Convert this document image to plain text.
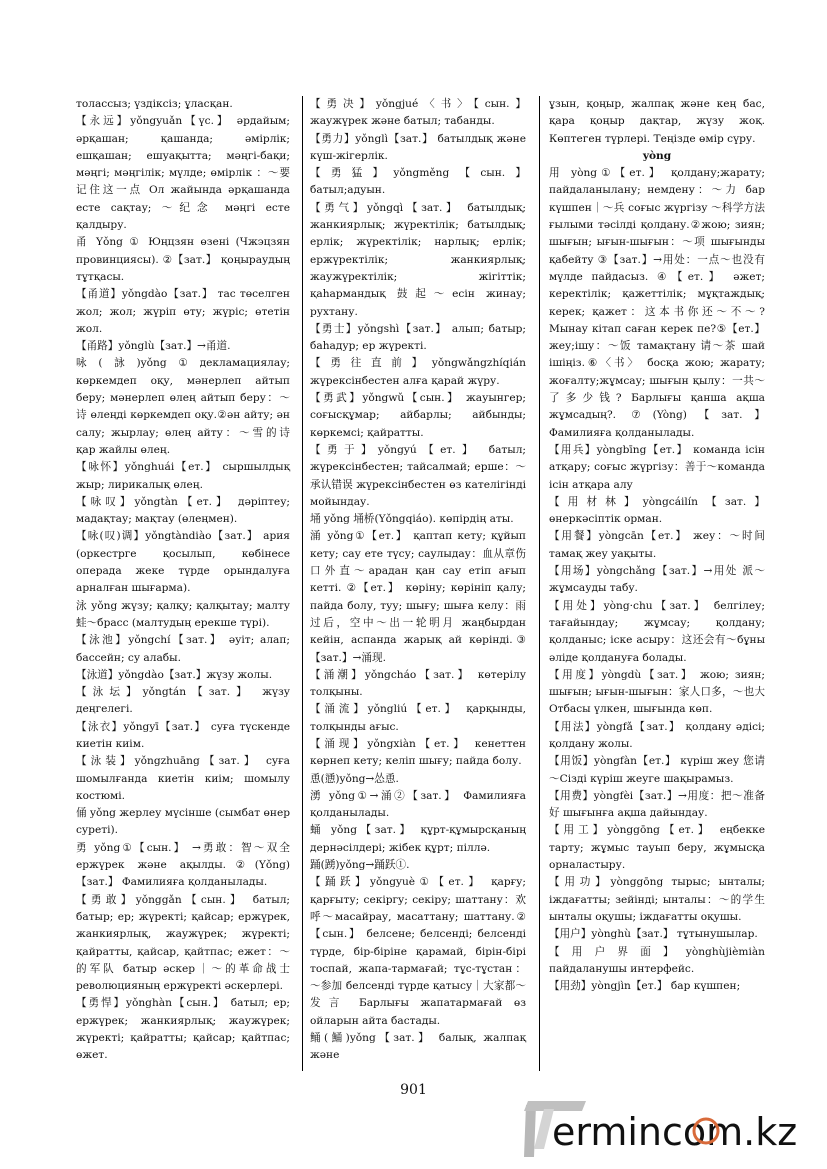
толассыз; үздіксіз; ұласқан.

【永远】yǒngyuǎn【үс.】 әрдайым; әрқашан; қашанда; әмірлік; ешқашан; ешуақытта; мәңгі-бақи; мәңгі; мәңгілік; мүлде; өмірлік ：～要记住这一点 Ол жайында әрқашанда есте сақтау; ～纪念 мәңгі есте қалдыру.

甬 Yǒng ① Юңцзян өзені (Чжэцзян провинциясы). ②【зат.】 қоңыраудың тұтқасы.

【甬道】yǒngdào【зат.】 тас төселген жол; жол; жүріп өту; жүріс; өтетін жол.

【甬路】yǒnglù【зат.】→甬道.

咏(詠)yǒng①декламациялау; көркемдеп оқу, мәнерлеп айтып беру; мәнерлеп өлең айтып беру：～诗 өлеңді көркемдеп оқу.②ән айту; ән салу; жырлау; өлең айту：～雪的诗 қар жайлы өлең.

【咏怀】yǒnghuái【ет.】 сыршылдық жыр; лирикалық өлең.

【咏叹】yǒngtàn【ет.】 дәріптеу; мадақтау; мақтау (өлеңмен).

【咏(叹)调】yǒngtàndiào【зат.】 ария (оркестрге қосылып, көбінесе операда жеке түрде орындалуға арналған шығарма).

泳 yǒng жүзу; қалқу; қалқытау; малту 蛙～брасс (малтудың ерекше түрі).

【泳池】yǒngchí【зат.】 әуіт; алап; бассейн; су алабы.

【泳道】yǒngdào【зат.】жүзу жолы.

【泳坛】yǒngtán【зат.】 жүзу деңгелегі.

【泳衣】yǒngyī【зат.】 суға түскенде киетін киім.

【泳装】yǒngzhuāng【зат.】 суға шомылғанда киетін киім; шомылу костюмі.

俑 yǒng жерлеу мүсінше (сымбат өнер суреті).

勇 yǒng①【сын.】 →勇敢：智～双全 ержүрек және ақылды.②(Yǒng)【зат.】 Фамилияға қолданылады.

【勇敢】yǒnggǎn【сын.】 батыл; батыр; ер; жүректі; қайсар; ержүрек, жанкиярлық, жаужүрек; жүректі; қайратты, қайсар, қайтпас; ежет：～的军队 батыр әскер｜～的革命战士 революцияның ержүректі әскерлері.

【勇悍】yǒnghàn【сын.】 батыл; ер; ержүрек; жанкиярлық; жаужүрек; жүректі; қайратты; қайсар; қайтпас; өжет.

【勇决】yǒngjué〈书〉【сын.】 жаужүрек және батыл; табанды.

【勇力】yǒnglì【зат.】 батылдық және күш-жігерлік.

【勇猛】yǒngměng【сын.】 батыл;адуын.

【勇气】yǒngqì【зат.】 батылдық; жанкиярлық; жүректілік; батылдық; ерлік; жүректілік; нарлық; ерлік; ержүректілік; жанкиярлық; жаужүректілік; жігіттік; қаһармандық 鼓起～есін жинау; рухтану.

【勇士】yǒngshì【зат.】 алып; батыр; баһадур; ер жүректі.

【勇往直前】yǒngwǎngzhíqián жүрексінбестен алға қарай жүру.

【勇武】yǒngwǔ【сын.】 жауынгер; соғысқұмар; айбарлы; айбынды; көркемсі; қайратты.

【勇于】yǒngyú【ет.】 батыл; жүрексінбестен; тайсалмай; ерше：～承认错误 жүрексінбестен өз кателігінді мойындау.

埇 yǒng 埇桥(Yǒngqiáo). көпірдің аты.

涌 yǒng①【ет.】 қаптап кету; құйып кету; сау ете түсу; саулыдау：血从章伤口外直～арадан қан сау етіп ағып кетті. ②【ет.】 көріну; көрініп қалу; пайда болу, туу; шығу; шыға келу：雨过后，空中～出一轮明月 жаңбырдан кейін, аспанда жарық ай көрінді.③【зат.】→涌现.

【涌潮】yǒngcháo【зат.】 көтерілу толқыны.

【涌流】yǒngliú【ет.】 қарқынды, толқынды ағыс.

【涌现】yǒngxiàn【ет.】 кенеттен көрнеп кету; келіп шығу; пайда болу.

恿(慂)yǒng→怂恿.

湧 yǒng①→涌②【зат.】 Фамилияға қолданылады.

蛹 yǒng【зат.】 құрт-құмырсқаның дернәсілдері; жібек құрт; піллә.

踊(踴)yǒng→踊跃①.

【踊跃】yǒngyuè①【ет.】 қарғу; қарғыту; секіргу; секіру; шаттану：欢呼～масайрау, масаттану; шаттану.②【сын.】 белсене; белсенді; белсенді түрде, бір-біріне қарамай, бірін-бірі тоспай, жапа-тармағай; тұс-тұстан：～参加 белсенді түрде қатысу｜大家都～发言 Барлығы жапатармағай өз ойларын айта бастады.

鲬(鯒)yǒng【зат.】 балық, жалпақ және

ұзын, қоңыр, жалпақ және кең бас, қара қоңыр дақтар, жүзу жоқ. Көптеген түрлері. Теңізде өмір сүру.

yòng

用 yòng①【ет.】 қолдану;жарату; пайдаланылану; немдену：～力 бар күшпен｜～兵 соғыс жүргізу ～科学方法 ғылыми тәсілді қолдану.②жою; зиян; шығын; ығын-шығын：～项 шығынды қабейту ③【зат.】→用处：一点～也没有 мүлде пайдасыз. ④【ет.】 әжет; керектілік; қажеттілік; мұқтаждық; керек; қажет：这本书你还～不～? Мынау кітап саған керек пе?⑤【ет.】 жеу;ішу：～饭 тамақтану 请～茶 шай ішіңіз.⑥〈书〉 босқа жою; жарату; жоғалту;жұмсау; шығын қылу：一共～了多少钱? Барлығы қанша ақша жұмсадың?. ⑦(Yòng)【зат.】 Фамилияға қолданылады.

【用兵】yòngbīng【ет.】 команда ісін атқару; соғыс жүргізу：善于～команда ісін атқара алу

【用材林】yòngcáilín【зат.】 өнеркәсіптік орман.

【用餐】yòngcān【ет.】 жеу：～时间 тамақ жеу уақыты.

【用场】yòngchǎng【зат.】→用处 派～жұмсауды табу.

【用处】yòng·chu【зат.】 белгілеу; тағайындау; жұмсау; қолдану; қолданыс; іске асыру：这还会有～бұны әлiде қолдануға болады.

【用度】yòngdù【зат.】 жою; зиян; шығын; ығын-шығын：家人口多，～也大 Отбасы үлкен, шығында көп.

【用法】yòngfǎ【зат.】 қолдану әдісі; қолдану жолы.

【用饭】yòngfàn【ет.】 күріш жеу 您请～Сізді күріш жеуге шақырамыз.

【用费】yòngfèi【зат.】→用度：把～准备好 шығынға ақша дайындау.

【用工】yònggōng【ет.】 еңбекке тарту; жұмыс тауып беру, жұмысқа орналастыру.

【用功】yònggōng тырыс; ынталы; іждағатты; зейінді; ынталы：～的学生 ынталы оқушы; іждағатты оқушы.

【用户】yònghù【зат.】 тұтынушылар.

【用户界面】yònghùjièmiàn пайдаланушы интерфейс.

【用劲】yòngjìn【ет.】 бар күшпен;

901
ermincom.kz
